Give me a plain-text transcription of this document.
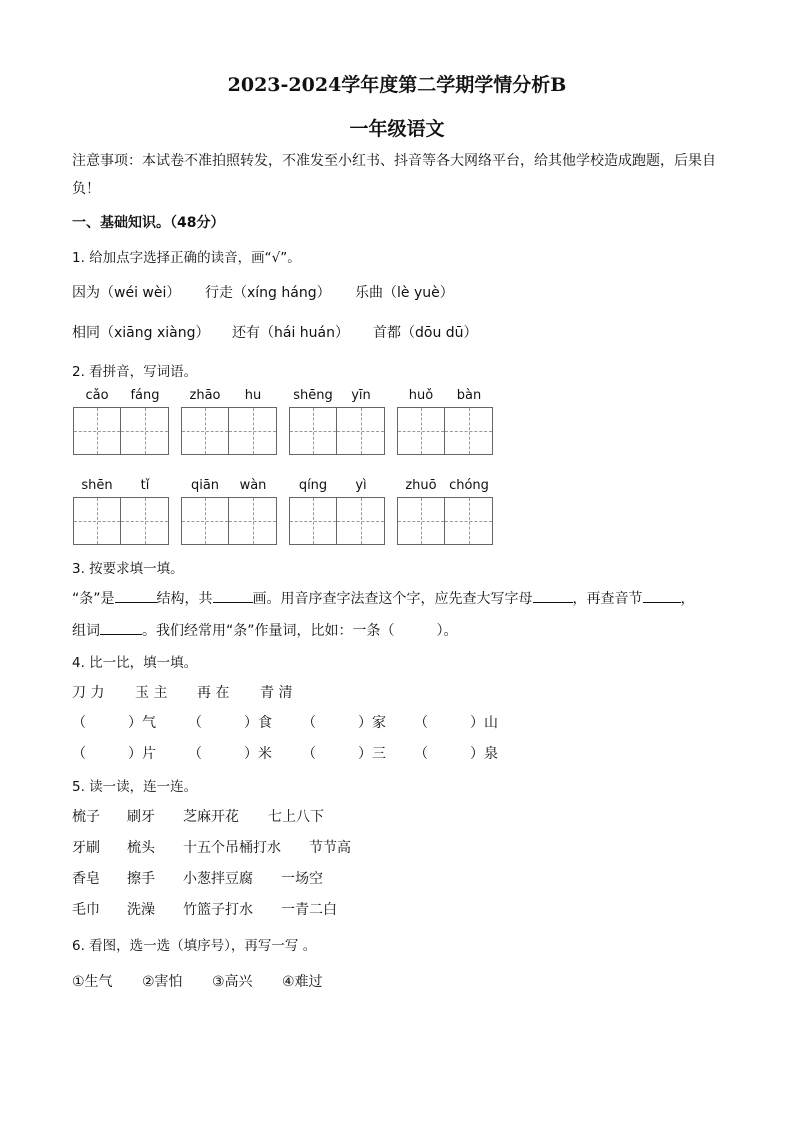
2023-2024学年度第二学期学情分析B
一年级语文
注意事项：本试卷不准拍照转发，不准发至小红书、抖音等各大网络平台，给其他学校造成跑题，后果自负！
一、基础知识。（48分）
1. 给加点字选择正确的读音，画“√”。
因为（wéi wèi） 行走（xíng háng） 乐曲（lè yuè）
相同（xiāng xiàng） 还有（hái huán） 首都（dōu dū）
2. 看拼音，写词语。
cǎo	fáng	zhāo	hu	shēng	yīn	huǒ	bàn
shēn	tǐ	qiān	wàn	qíng	yì	zhuō chóng
3. 按要求填一填。
“条”是	结构，共	画。用音序查字法查这个字，应先查大写字母	，再查音节	，
组词	。我们经常用“条”作量词，比如：一条（　　　）。
4. 比一比，填一填。
刀 力 玉 主 再 在 青 清
（　　　）气 （　　　）食 （　　　）家 （　　　）山
（　　　）片 （　　　）米 （　　　）三 （　　　）泉
5. 读一读，连一连。
梳子 刷牙 芝麻开花 七上八下
牙刷 梳头 十五个吊桶打水 节节高
香皂 擦手 小葱拌豆腐 一场空
毛巾 洗澡 竹篮子打水 一青二白
6. 看图，选一选（填序号），再写一写 。
①生气 ②害怕 ③高兴 ④难过
